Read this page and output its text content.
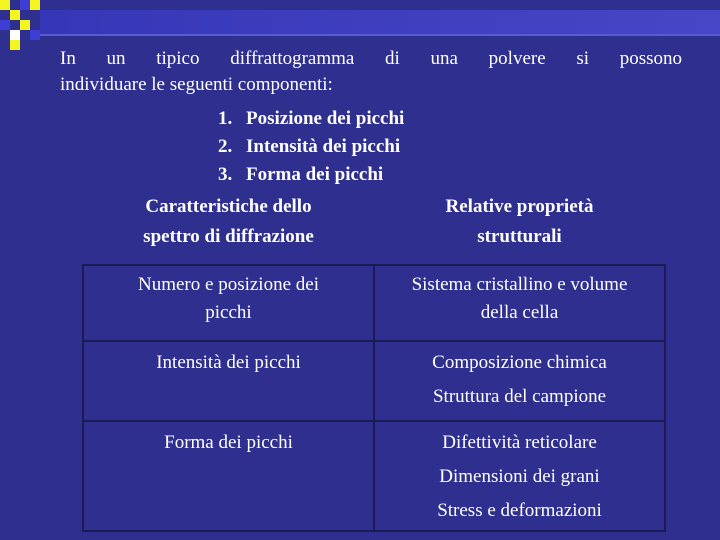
In un tipico diffrattogramma di una polvere si possono
individuare le seguenti componenti:

1. Posizione dei picchi
2. Intensità dei picchi
3. Forma dei picchi
Caratteristiche dello
spettro di diffrazione	Relative proprietà
strutturali

Numero e posizione dei
picchi	Sistema cristallino e volume
della cella

Intensità dei picchi	Composizione chimica
Struttura del campione

Forma dei picchi	Difettività reticolare
Dimensioni dei grani
Stress e deformazioni
